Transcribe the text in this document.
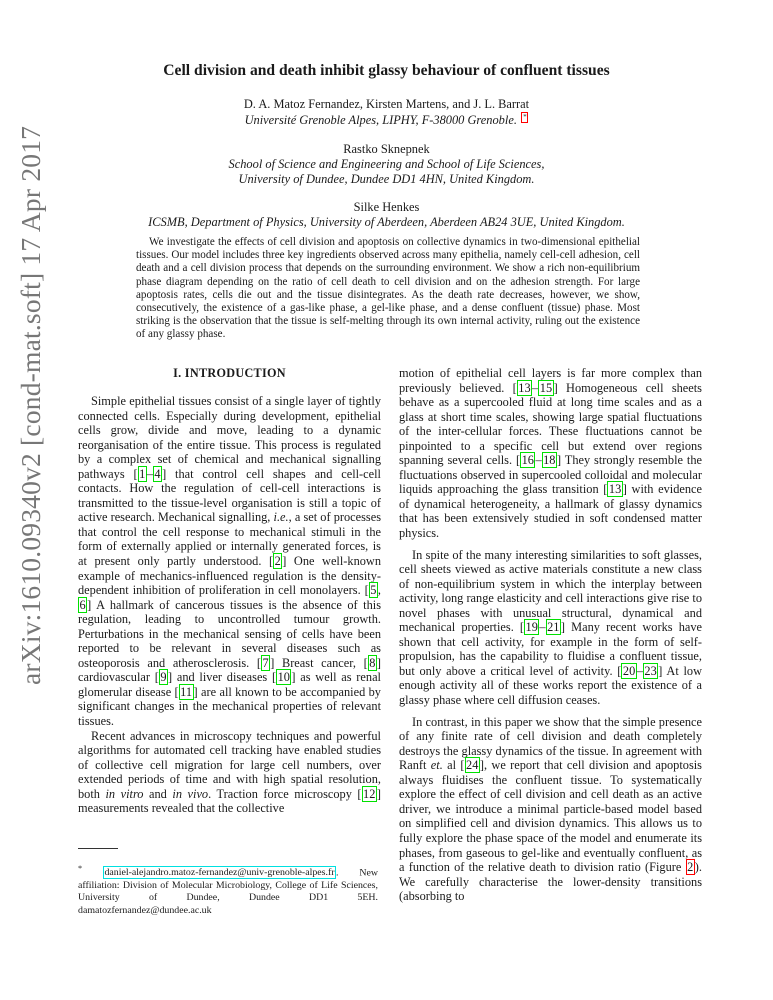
arXiv:1610.09340v2 [cond-mat.soft] 17 Apr 2017
Cell division and death inhibit glassy behaviour of confluent tissues
D. A. Matoz Fernandez, Kirsten Martens, and J. L. Barrat
Université Grenoble Alpes, LIPHY, F-38000 Grenoble. *
Rastko Sknepnek
School of Science and Engineering and School of Life Sciences,
University of Dundee, Dundee DD1 4HN, United Kingdom.
Silke Henkes
ICSMB, Department of Physics, University of Aberdeen, Aberdeen AB24 3UE, United Kingdom.
We investigate the effects of cell division and apoptosis on collective dynamics in two-dimensional epithelial tissues. Our model includes three key ingredients observed across many epithelia, namely cell-cell adhesion, cell death and a cell division process that depends on the surrounding environment. We show a rich non-equilibrium phase diagram depending on the ratio of cell death to cell division and on the adhesion strength. For large apoptosis rates, cells die out and the tissue disintegrates. As the death rate decreases, however, we show, consecutively, the existence of a gas-like phase, a gel-like phase, and a dense confluent (tissue) phase. Most striking is the observation that the tissue is self-melting through its own internal activity, ruling out the existence of any glassy phase.
I. INTRODUCTION

Simple epithelial tissues consist of a single layer of tightly connected cells. Especially during development, epithelial cells grow, divide and move, leading to a dynamic reorganisation of the entire tissue. This process is regulated by a complex set of chemical and mechanical signalling pathways [ 1 – 4 ] that control cell shapes and cell-cell contacts. How the regulation of cell-cell interactions is transmitted to the tissue-level organisation is still a topic of active research. Mechanical signalling, i.e., a set of processes that control the cell response to mechanical stimuli in the form of externally applied or internally generated forces, is at present only partly understood. [ 2 ] One well-known example of mechanics-influenced regulation is the density-dependent inhibition of proliferation in cell monolayers. [ 5 , 6 ] A hallmark of cancerous tissues is the absence of this regulation, leading to uncontrolled tumour growth. Perturbations in the mechanical sensing of cells have been reported to be relevant in several diseases such as osteoporosis and atherosclerosis. [ 7 ] Breast cancer, [ 8 ] cardiovascular [ 9 ] and liver diseases [ 10 ] as well as renal glomerular disease [ 11 ] are all known to be accompanied by significant changes in the mechanical properties of relevant tissues.

Recent advances in microscopy techniques and powerful algorithms for automated cell tracking have enabled studies of collective cell migration for large cell numbers, over extended periods of time and with high spatial resolution, both in vitro and in vivo. Traction force microscopy [ 12 ] measurements revealed that the collective

motion of epithelial cell layers is far more complex than previously believed. [ 13 – 15 ] Homogeneous cell sheets behave as a supercooled fluid at long time scales and as a glass at short time scales, showing large spatial fluctuations of the inter-cellular forces. These fluctuations cannot be pinpointed to a specific cell but extend over regions spanning several cells. [ 16 – 18 ] They strongly resemble the fluctuations observed in supercooled colloidal and molecular liquids approaching the glass transition [ 13 ] with evidence of dynamical heterogeneity, a hallmark of glassy dynamics that has been extensively studied in soft condensed matter physics.

In spite of the many interesting similarities to soft glasses, cell sheets viewed as active materials constitute a new class of non-equilibrium system in which the interplay between activity, long range elasticity and cell interactions give rise to novel phases with unusual structural, dynamical and mechanical properties. [ 19 – 21 ] Many recent works have shown that cell activity, for example in the form of self-propulsion, has the capability to fluidise a confluent tissue, but only above a critical level of activity. [ 20 – 23 ] At low enough activity all of these works report the existence of a glassy phase where cell diffusion ceases.

In contrast, in this paper we show that the simple presence of any finite rate of cell division and death completely destroys the glassy dynamics of the tissue. In agreement with Ranft et. al [ 24 ], we report that cell division and apoptosis always fluidises the confluent tissue. To systematically explore the effect of cell division and cell death as an active driver, we introduce a minimal particle-based model based on simplified cell and division dynamics. This allows us to fully explore the phase space of the model and enumerate its phases, from gaseous to gel-like and eventually confluent, as a function of the relative death to division ratio (Figure 2 ). We carefully characterise the lower-density transitions (absorbing to

* daniel-alejandro.matoz-fernandez@univ-grenoble-alpes.fr . New affiliation: Division of Molecular Microbiology, College of Life Sciences, University of Dundee, Dundee DD1 5EH. damatozfernandez@dundee.ac.uk
